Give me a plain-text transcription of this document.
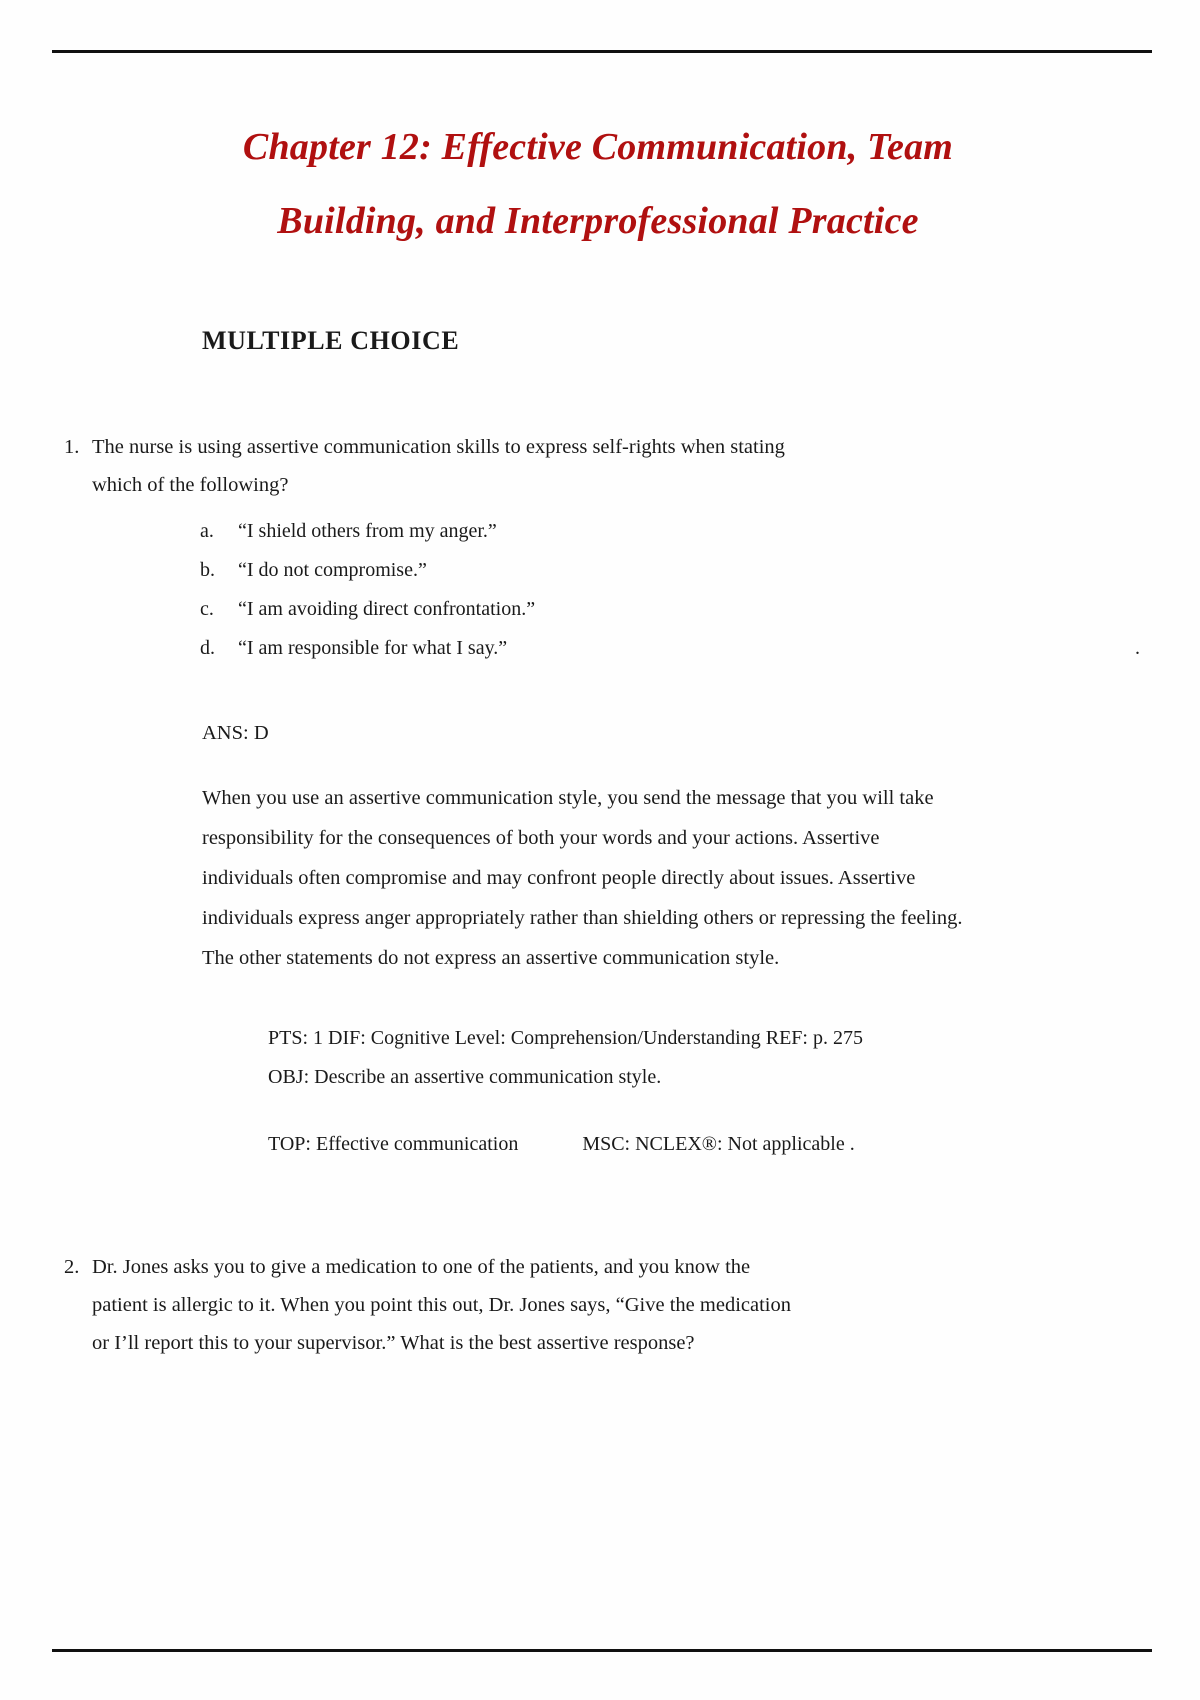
Chapter 12: Effective Communication, Team
Building, and Interprofessional Practice
MULTIPLE CHOICE
1. The nurse is using assertive communication skills to express self-rights when stating which of the following?
a.	“I shield others from my anger.”
b.	“I do not compromise.”
c.	“I am avoiding direct confrontation.”
d.	“I am responsible for what I say.”	.
ANS: D
When you use an assertive communication style, you send the message that you will take responsibility for the consequences of both your words and your actions. Assertive individuals often compromise and may confront people directly about issues. Assertive individuals express anger appropriately rather than shielding others or repressing the feeling. The other statements do not express an assertive communication style.
PTS: 1 DIF: Cognitive Level: Comprehension/Understanding REF: p. 275
OBJ: Describe an assertive communication style.
TOP: Effective communication	MSC: NCLEX®: Not applicable .
2. Dr. Jones asks you to give a medication to one of the patients, and you know the patient is allergic to it. When you point this out, Dr. Jones says, “Give the medication or I’ll report this to your supervisor.” What is the best assertive response?
